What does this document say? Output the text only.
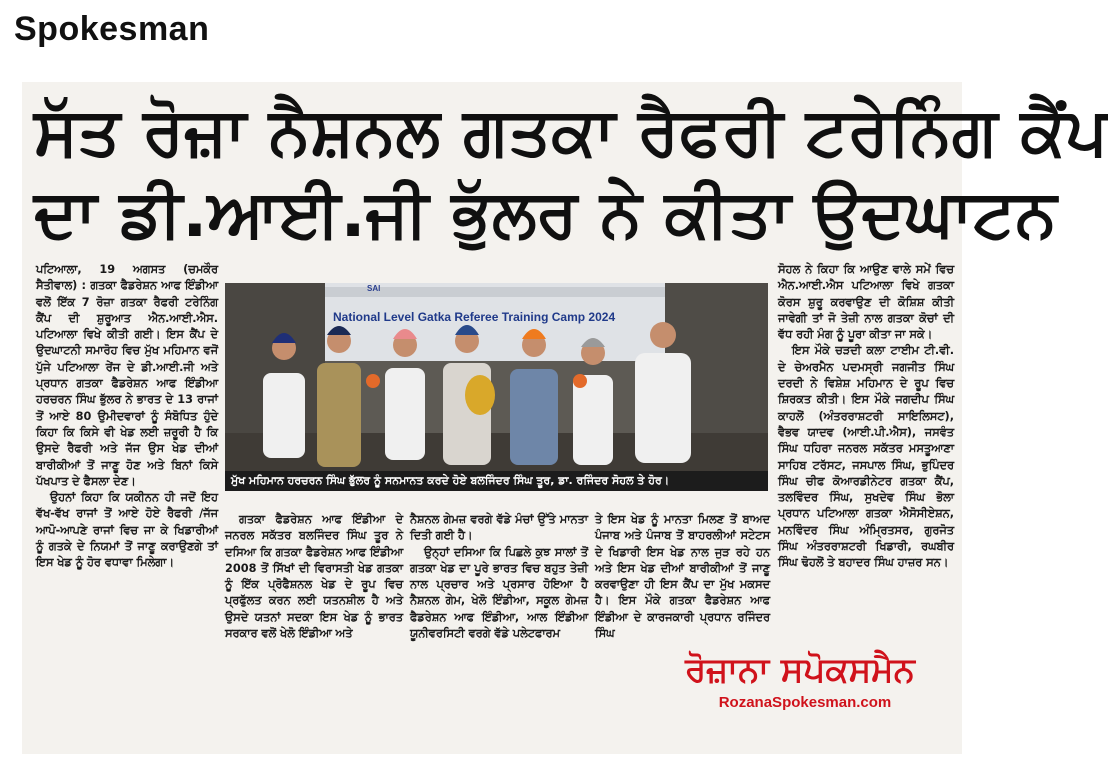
Spokesman
ਸੱਤ ਰੋਜ਼ਾ ਨੈਸ਼ਨਲ ਗਤਕਾ ਰੈਫਰੀ ਟਰੇਨਿੰਗ ਕੈਂਪ
ਦਾ ਡੀ.ਆਈ.ਜੀ ਭੁੱਲਰ ਨੇ ਕੀਤਾ ਉਦਘਾਟਨ

ਪਟਿਆਲਾ, 19 ਅਗਸਤ (ਚਮਕੌਰ ਸੈਤੀਵਾਲ) : ਗਤਕਾ ਫੈਡਰੇਸ਼ਨ ਆਫ ਇੰਡੀਆ ਵਲੋਂ ਇੱਕ 7 ਰੋਜ਼ਾ ਗਤਕਾ ਰੈਫਰੀ ਟਰੇਨਿੰਗ ਕੈਂਪ ਦੀ ਸ਼ੁਰੂਆਤ ਐਨ.ਆਈ.ਐਸ. ਪਟਿਆਲਾ ਵਿਖੇ ਕੀਤੀ ਗਈ। ਇਸ ਕੈਂਪ ਦੇ ਉਦਘਾਟਨੀ ਸਮਾਰੋਹ ਵਿਚ ਮੁੱਖ ਮਹਿਮਾਨ ਵਜੋਂ ਪੁੱਜੇ ਪਟਿਆਲਾ ਰੇਂਜ ਦੇ ਡੀ.ਆਈ.ਜੀ ਅਤੇ ਪ੍ਰਧਾਨ ਗਤਕਾ ਫੈਡਰੇਸ਼ਨ ਆਫ ਇੰਡੀਆ ਹਰਚਰਨ ਸਿੰਘ ਭੁੱਲਰ ਨੇ ਭਾਰਤ ਦੇ 13 ਰਾਜਾਂ ਤੋਂ ਆਏ 80 ਉਮੀਦਵਾਰਾਂ ਨੂੰ ਸੰਬੋਧਿਤ ਹੁੰਦੇ ਕਿਹਾ ਕਿ ਕਿਸੇ ਵੀ ਖੇਡ ਲਈ ਜ਼ਰੂਰੀ ਹੈ ਕਿ ਉਸਦੇ ਰੈਫਰੀ ਅਤੇ ਜੱਜ ਉਸ ਖੇਡ ਦੀਆਂ ਬਾਰੀਕੀਆਂ ਤੋਂ ਜਾਣੂ ਹੋਣ ਅਤੇ ਬਿਨਾਂ ਕਿਸੇ ਪੱਖਪਾਤ ਦੇ ਫੈਸਲਾ ਦੇਣ।

ਉਹਨਾਂ ਕਿਹਾ ਕਿ ਯਕੀਨਨ ਹੀ ਜਦੋਂ ਇਹ ਵੱਖ-ਵੱਖ ਰਾਜਾਂ ਤੋਂ ਆਏ ਹੋਏ ਰੈਫਰੀ /ਜੱਜ ਆਪੋ-ਆਪਣੇ ਰਾਜਾਂ ਵਿਚ ਜਾ ਕੇ ਖਿਡਾਰੀਆਂ ਨੂੰ ਗਤਕੇ ਦੇ ਨਿਯਮਾਂ ਤੋਂ ਜਾਣੂ ਕਰਾਉਣਗੇ ਤਾਂ ਇਸ ਖੇਡ ਨੂੰ ਹੋਰ ਵਧਾਵਾ ਮਿਲੇਗਾ।

SAI
National Level Gatka Referee Training Camp 2024
ਮੁੱਖ ਮਹਿਮਾਨ ਹਰਚਰਨ ਸਿੰਘ ਭੁੱਲਰ ਨੂੰ ਸਨਮਾਨਤ ਕਰਦੇ ਹੋਏ ਬਲਜਿੰਦਰ ਸਿੰਘ ਤੂਰ, ਡਾ. ਰਜਿੰਦਰ ਸੋਹਲ ਤੇ ਹੋਰ।

ਗਤਕਾ ਫੈਡਰੇਸ਼ਨ ਆਫ ਇੰਡੀਆ ਦੇ ਜਨਰਲ ਸਕੱਤਰ ਬਲਜਿੰਦਰ ਸਿੰਘ ਤੂਰ ਨੇ ਦਸਿਆ ਕਿ ਗਤਕਾ ਫੈਡਰੇਸ਼ਨ ਆਫ ਇੰਡੀਆ 2008 ਤੋਂ ਸਿੱਖਾਂ ਦੀ ਵਿਰਾਸਤੀ ਖੇਡ ਗਤਕਾ ਨੂੰ ਇੱਕ ਪ੍ਰੋਫੈਸ਼ਨਲ ਖੇਡ ਦੇ ਰੂਪ ਵਿਚ ਪ੍ਰਫੁੱਲਤ ਕਰਨ ਲਈ ਯਤਨਸ਼ੀਲ ਹੈ ਅਤੇ ਉਸਦੇ ਯਤਨਾਂ ਸਦਕਾ ਇਸ ਖੇਡ ਨੂੰ ਭਾਰਤ ਸਰਕਾਰ ਵਲੋਂ ਖੇਲੋ ਇੰਡੀਆ ਅਤੇ

ਨੈਸ਼ਨਲ ਗੇਮਜ਼ ਵਰਗੇ ਵੱਡੇ ਮੰਚਾਂ ਉੱਤੇ ਮਾਨਤਾ ਦਿਤੀ ਗਈ ਹੈ।

ਉਨ੍ਹਾਂ ਦਸਿਆ ਕਿ ਪਿਛਲੇ ਕੁਝ ਸਾਲਾਂ ਤੋਂ ਗਤਕਾ ਖੇਡ ਦਾ ਪੂਰੇ ਭਾਰਤ ਵਿਚ ਬਹੁਤ ਤੇਜ਼ੀ ਨਾਲ ਪ੍ਰਚਾਰ ਅਤੇ ਪ੍ਰਸਾਰ ਹੋਇਆ ਹੈ ਨੈਸ਼ਨਲ ਗੇਮ, ਖੇਲੋ ਇੰਡੀਆ, ਸਕੂਲ ਗੇਮਜ਼ ਫੈਡਰੇਸ਼ਨ ਆਫ ਇੰਡੀਆ, ਆਲ ਇੰਡੀਆ ਯੂਨੀਵਰਸਿਟੀ ਵਰਗੇ ਵੱਡੇ ਪਲੇਟਫਾਰਮ

ਤੇ ਇਸ ਖੇਡ ਨੂੰ ਮਾਨਤਾ ਮਿਲਣ ਤੋਂ ਬਾਅਦ ਪੰਜਾਬ ਅਤੇ ਪੰਜਾਬ ਤੋਂ ਬਾਹਰਲੀਆਂ ਸਟੇਟਸ ਦੇ ਖਿਡਾਰੀ ਇਸ ਖੇਡ ਨਾਲ ਜੁੜ ਰਹੇ ਹਨ ਅਤੇ ਇਸ ਖੇਡ ਦੀਆਂ ਬਾਰੀਕੀਆਂ ਤੋਂ ਜਾਣੂ ਕਰਵਾਉਣਾ ਹੀ ਇਸ ਕੈਂਪ ਦਾ ਮੁੱਖ ਮਕਸਦ ਹੈ। ਇਸ ਮੌਕੇ ਗਤਕਾ ਫੈਡਰੇਸ਼ਨ ਆਫ ਇੰਡੀਆ ਦੇ ਕਾਰਜਕਾਰੀ ਪ੍ਰਧਾਨ ਰਜਿੰਦਰ ਸਿੰਘ

ਸੋਹਲ ਨੇ ਕਿਹਾ ਕਿ ਆਉਣ ਵਾਲੇ ਸਮੇਂ ਵਿਚ ਐਨ.ਆਈ.ਐਸ ਪਟਿਆਲਾ ਵਿਖੇ ਗਤਕਾ ਕੋਰਸ ਸ਼ੁਰੂ ਕਰਵਾਉਣ ਦੀ ਕੋਸ਼ਿਸ਼ ਕੀਤੀ ਜਾਵੇਗੀ ਤਾਂ ਜੋ ਤੇਜ਼ੀ ਨਾਲ ਗਤਕਾ ਕੋਚਾਂ ਦੀ ਵੱਧ ਰਹੀ ਮੰਗ ਨੂੰ ਪੂਰਾ ਕੀਤਾ ਜਾ ਸਕੇ।

ਇਸ ਮੌਕੇ ਚੜਦੀ ਕਲਾ ਟਾਈਮ ਟੀ.ਵੀ. ਦੇ ਚੇਅਰਮੈਨ ਪਦਮਸ੍ਰੀ ਜਗਜੀਤ ਸਿੰਘ ਦਰਦੀ ਨੇ ਵਿਸ਼ੇਸ਼ ਮਹਿਮਾਨ ਦੇ ਰੂਪ ਵਿਚ ਸ਼ਿਰਕਤ ਕੀਤੀ। ਇਸ ਮੌਕੇ ਜਗਦੀਪ ਸਿੰਘ ਕਾਹਲੋਂ (ਅੰਤਰਰਾਸ਼ਟਰੀ ਸਾਇਲਿਸਟ), ਵੈਭਵ ਯਾਦਵ (ਆਈ.ਪੀ.ਐਸ), ਜਸਵੰਤ ਸਿੰਘ ਧਹਿਰਾ ਜਨਰਲ ਸਕੱਤਰ ਮਸਤੂਆਣਾ ਸਾਹਿਬ ਟਰੱਸਟ, ਜਸਪਾਲ ਸਿੰਘ, ਭੁਪਿੰਦਰ ਸਿੰਘ ਚੀਫ ਕੋਆਰਡੀਨੇਟਰ ਗਤਕਾ ਕੈਂਪ, ਤਲਵਿੰਦਰ ਸਿੰਘ, ਸੁਖਦੇਵ ਸਿੰਘ ਭੋਲਾ ਪ੍ਰਧਾਨ ਪਟਿਆਲਾ ਗਤਕਾ ਐਸੋਸੀਏਸ਼ਨ, ਮਨਵਿੰਦਰ ਸਿੰਘ ਅੰਮ੍ਰਿਤਸਰ, ਗੁਰਜੋਤ ਸਿੰਘ ਅੰਤਰਰਾਸ਼ਟਰੀ ਖਿਡਾਰੀ, ਰਘਬੀਰ ਸਿੰਘ ਢੋਹਲੋਂ ਤੇ ਬਹਾਦਰ ਸਿੰਘ ਹਾਜ਼ਰ ਸਨ।

ਰੋਜ਼ਾਨਾ ਸਪੋਕਸਮੈਨ
RozanaSpokesman.com
